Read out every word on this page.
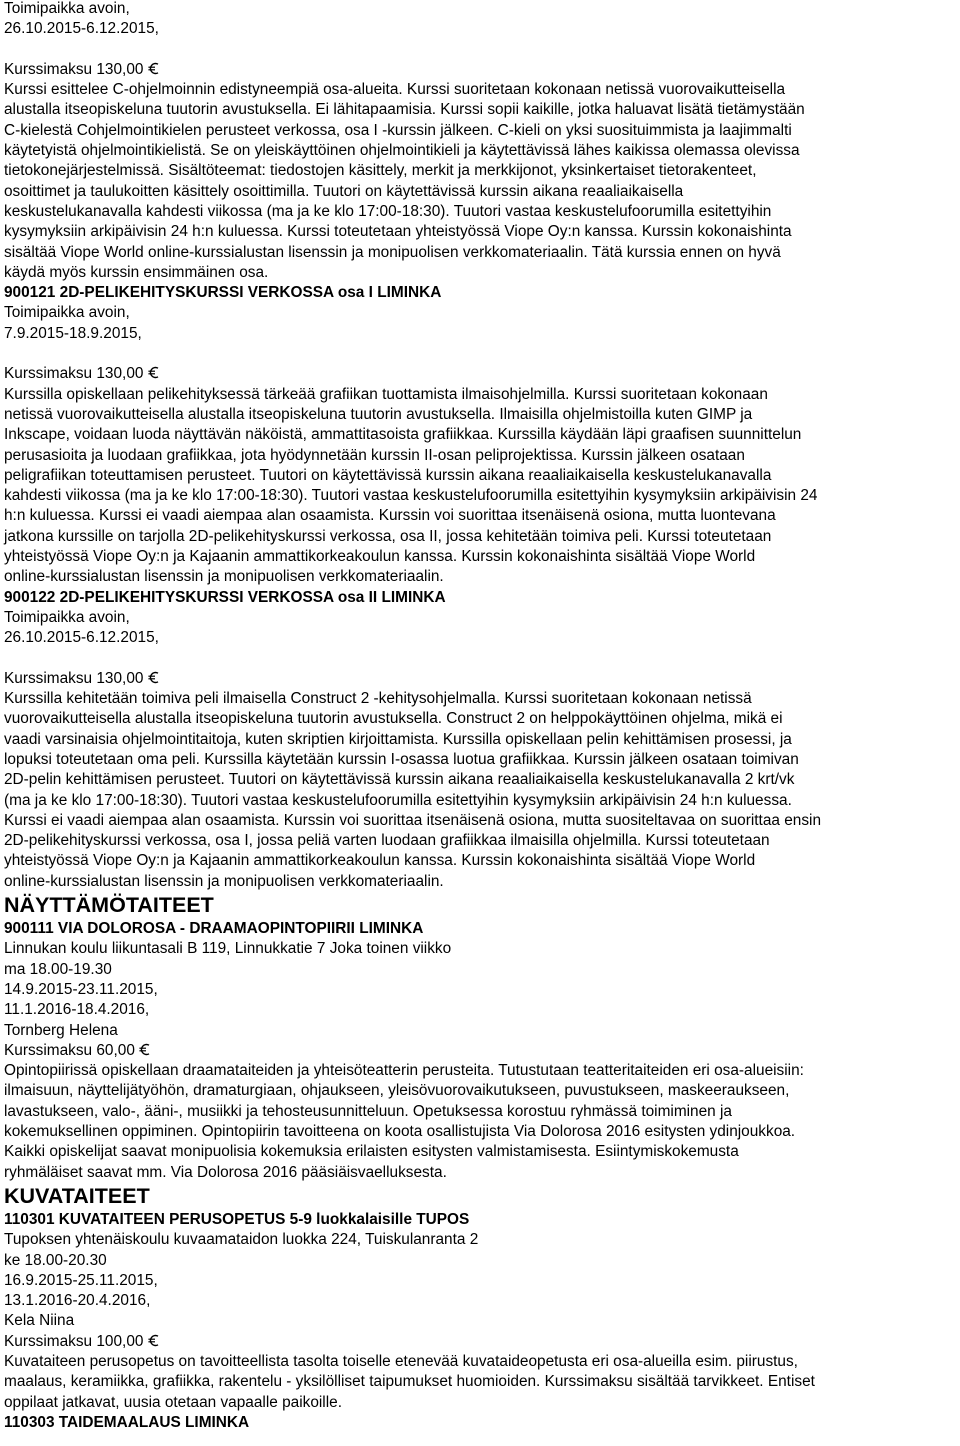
Toimipaikka avoin,
26.10.2015-6.12.2015,
Kurssimaksu 130,00
Kurssi esittelee C-ohjelmoinnin edistyneempiä osa-alueita. Kurssi suoritetaan kokonaan netissä vuorovaikutteisella
alustalla itseopiskeluna tuutorin avustuksella. Ei lähitapaamisia. Kurssi sopii kaikille, jotka haluavat lisätä tietämystään
C-kielestä Cohjelmointikielen perusteet verkossa, osa I -kurssin jälkeen. C-kieli on yksi suosituimmista ja laajimmalti
käytetyistä ohjelmointikielistä. Se on yleiskäyttöinen ohjelmointikieli ja käytettävissä lähes kaikissa olemassa olevissa
tietokonejärjestelmissä. Sisältöteemat: tiedostojen käsittely, merkit ja merkkijonot, yksinkertaiset tietorakenteet,
osoittimet ja taulukoitten käsittely osoittimilla. Tuutori on käytettävissä kurssin aikana reaaliaikaisella
keskustelukanavalla kahdesti viikossa (ma ja ke klo 17:00-18:30). Tuutori vastaa keskustelufoorumilla esitettyihin
kysymyksiin arkipäivisin 24 h:n kuluessa. Kurssi toteutetaan yhteistyössä Viope Oy:n kanssa. Kurssin kokonaishinta
sisältää Viope World online-kurssialustan lisenssin ja monipuolisen verkkomateriaalin. Tätä kurssia ennen on hyvä
käydä myös kurssin ensimmäinen osa.
900121 2D-PELIKEHITYSKURSSI VERKOSSA osa I LIMINKA
Toimipaikka avoin,
7.9.2015-18.9.2015,
Kurssimaksu 130,00
Kurssilla opiskellaan pelikehityksessä tärkeää grafiikan tuottamista ilmaisohjelmilla. Kurssi suoritetaan kokonaan
netissä vuorovaikutteisella alustalla itseopiskeluna tuutorin avustuksella. Ilmaisilla ohjelmistoilla kuten GIMP ja
Inkscape, voidaan luoda näyttävän näköistä, ammattitasoista grafiikkaa. Kurssilla käydään läpi graafisen suunnittelun
perusasioita ja luodaan grafiikkaa, jota hyödynnetään kurssin II-osan peliprojektissa. Kurssin jälkeen osataan
peligrafiikan toteuttamisen perusteet. Tuutori on käytettävissä kurssin aikana reaaliaikaisella keskustelukanavalla
kahdesti viikossa (ma ja ke klo 17:00-18:30). Tuutori vastaa keskustelufoorumilla esitettyihin kysymyksiin arkipäivisin 24
h:n kuluessa. Kurssi ei vaadi aiempaa alan osaamista. Kurssin voi suorittaa itsenäisenä osiona, mutta luontevana
jatkona kurssille on tarjolla 2D-pelikehityskurssi verkossa, osa II, jossa kehitetään toimiva peli. Kurssi toteutetaan
yhteistyössä Viope Oy:n ja Kajaanin ammattikorkeakoulun kanssa. Kurssin kokonaishinta sisältää Viope World
online-kurssialustan lisenssin ja monipuolisen verkkomateriaalin.
900122 2D-PELIKEHITYSKURSSI VERKOSSA osa II LIMINKA
Toimipaikka avoin,
26.10.2015-6.12.2015,
Kurssimaksu 130,00
Kurssilla kehitetään toimiva peli ilmaisella Construct 2 -kehitysohjelmalla. Kurssi suoritetaan kokonaan netissä
vuorovaikutteisella alustalla itseopiskeluna tuutorin avustuksella. Construct 2 on helppokäyttöinen ohjelma, mikä ei
vaadi varsinaisia ohjelmointitaitoja, kuten skriptien kirjoittamista. Kurssilla opiskellaan pelin kehittämisen prosessi, ja
lopuksi toteutetaan oma peli. Kurssilla käytetään kurssin I-osassa luotua grafiikkaa. Kurssin jälkeen osataan toimivan
2D-pelin kehittämisen perusteet. Tuutori on käytettävissä kurssin aikana reaaliaikaisella keskustelukanavalla 2 krt/vk
(ma ja ke klo 17:00-18:30). Tuutori vastaa keskustelufoorumilla esitettyihin kysymyksiin arkipäivisin 24 h:n kuluessa.
Kurssi ei vaadi aiempaa alan osaamista. Kurssin voi suorittaa itsenäisenä osiona, mutta suositeltavaa on suorittaa ensin
2D-pelikehityskurssi verkossa, osa I, jossa peliä varten luodaan grafiikkaa ilmaisilla ohjelmilla. Kurssi toteutetaan
yhteistyössä Viope Oy:n ja Kajaanin ammattikorkeakoulun kanssa. Kurssin kokonaishinta sisältää Viope World
online-kurssialustan lisenssin ja monipuolisen verkkomateriaalin.
NÄYTTÄMÖTAITEET
900111 VIA DOLOROSA - DRAAMAOPINTOPIIRII LIMINKA
Linnukan koulu liikuntasali B 119, Linnukkatie 7 Joka toinen viikko
ma 18.00-19.30
14.9.2015-23.11.2015,
11.1.2016-18.4.2016,
Tornberg Helena
Kurssimaksu 60,00
Opintopiirissä opiskellaan draamataiteiden ja yhteisöteatterin perusteita. Tutustutaan teatteritaiteiden eri osa-alueisiin:
ilmaisuun, näyttelijätyöhön, dramaturgiaan, ohjaukseen, yleisövuorovaikutukseen, puvustukseen, maskeeraukseen,
lavastukseen, valo-, ääni-, musiikki ja tehosteusunnitteluun. Opetuksessa korostuu ryhmässä toimiminen ja
kokemuksellinen oppiminen. Opintopiirin tavoitteena on koota osallistujista Via Dolorosa 2016 esitysten ydinjoukkoa.
Kaikki opiskelijat saavat monipuolisia kokemuksia erilaisten esitysten valmistamisesta. Esiintymiskokemusta
ryhmäläiset saavat mm. Via Dolorosa 2016 pääsiäisvaelluksesta.
KUVATAITEET
110301 KUVATAITEEN PERUSOPETUS 5-9 luokkalaisille TUPOS
Tupoksen yhtenäiskoulu kuvaamataidon luokka 224, Tuiskulanranta 2
ke 18.00-20.30
16.9.2015-25.11.2015,
13.1.2016-20.4.2016,
Kela Niina
Kurssimaksu 100,00
Kuvataiteen perusopetus on tavoitteellista tasolta toiselle etenevää kuvataideopetusta eri osa-alueilla esim. piirustus,
maalaus, keramiikka, grafiikka, rakentelu - yksilölliset taipumukset huomioiden. Kurssimaksu sisältää tarvikkeet. Entiset
oppilaat jatkavat, uusia otetaan vapaalle paikoille.
110303 TAIDEMAALAUS LIMINKA
